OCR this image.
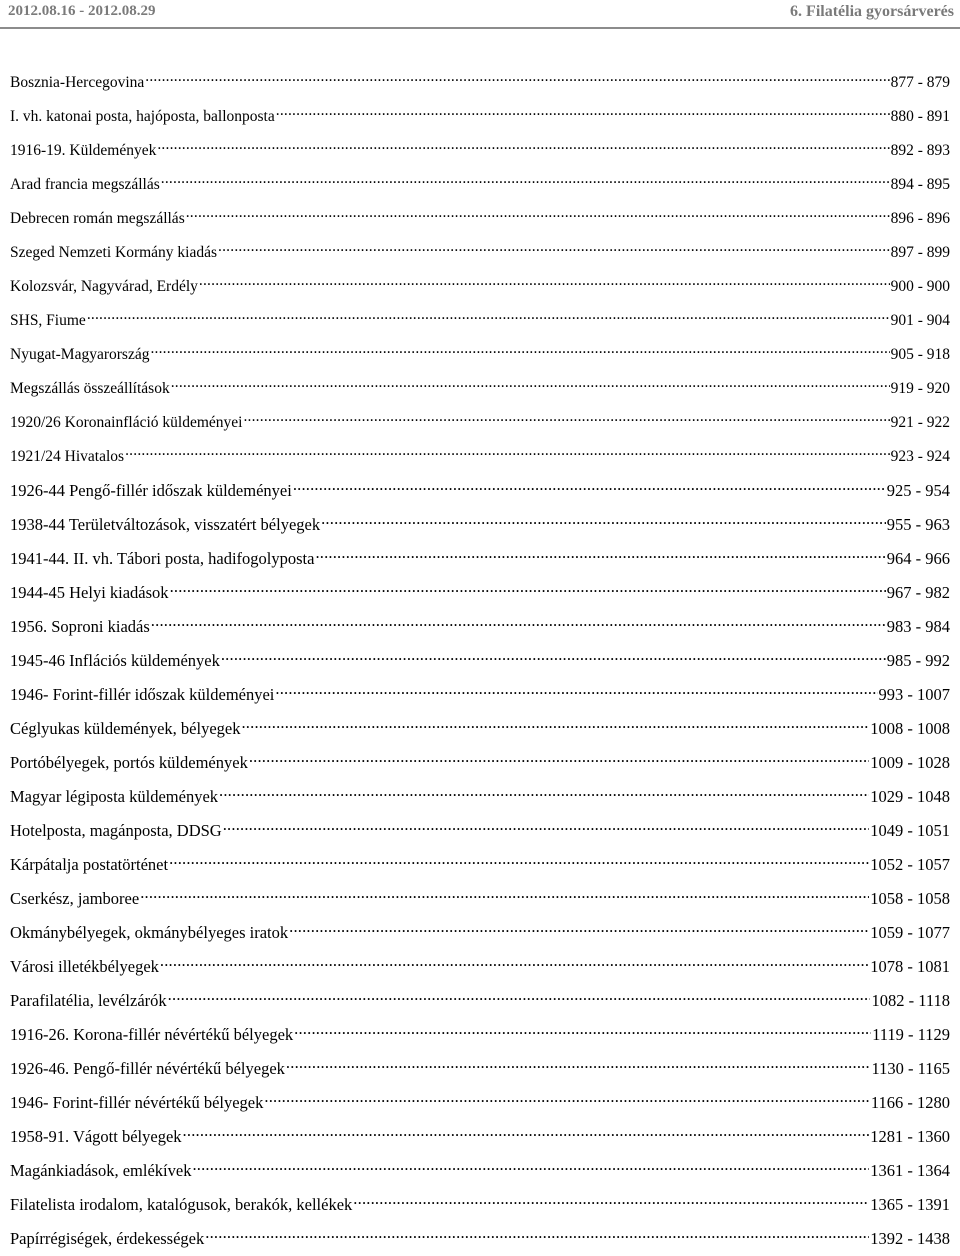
2012.08.16 - 2012.08.29	6. Filatélia gyorsárverés
Bosznia-Hercegovina .....	877 - 879
I. vh. katonai posta, hajóposta, ballonposta .....	880 - 891
1916-19. Küldemények .....	892 - 893
Arad francia megszállás .....	894 - 895
Debrecen román megszállás .....	896 - 896
Szeged Nemzeti Kormány kiadás .....	897 - 899
Kolozsvár, Nagyvárad, Erdély .....	900 - 900
SHS, Fiume .....	901 - 904
Nyugat-Magyarország .....	905 - 918
Megszállás összeállítások .....	919 - 920
1920/26 Koronainfláció küldeményei .....	921 - 922
1921/24 Hivatalos .....	923 - 924
1926-44 Pengő-fillér időszak küldeményei .....	925 - 954
1938-44 Területváltozások, visszatért bélyegek .....	955 - 963
1941-44. II. vh. Tábori posta, hadifogolyposta .....	964 - 966
1944-45 Helyi kiadások .....	967 - 982
1956. Soproni kiadás .....	983 - 984
1945-46 Inflációs küldemények .....	985 - 992
1946- Forint-fillér időszak küldeményei .....	993 - 1007
Céglyukas küldemények, bélyegek .....	1008 - 1008
Portóbélyegek, portós küldemények .....	1009 - 1028
Magyar légiposta küldemények .....	1029 - 1048
Hotelposta, magánposta, DDSG .....	1049 - 1051
Kárpátalja postatörténet .....	1052 - 1057
Cserkész, jamboree .....	1058 - 1058
Okmánybélyegek, okmánybélyeges iratok .....	1059 - 1077
Városi illetékbélyegek .....	1078 - 1081
Parafilatélia, levélzárók .....	1082 - 1118
1916-26. Korona-fillér névértékű bélyegek .....	1119 - 1129
1926-46. Pengő-fillér névértékű bélyegek .....	1130 - 1165
1946- Forint-fillér névértékű bélyegek .....	1166 - 1280
1958-91. Vágott bélyegek .....	1281 - 1360
Magánkiadások, emlékívek .....	1361 - 1364
Filatelista irodalom, katalógusok, berakók, kellékek .....	1365 - 1391
Papírrégiségek, érdekességek .....	1392 - 1438
